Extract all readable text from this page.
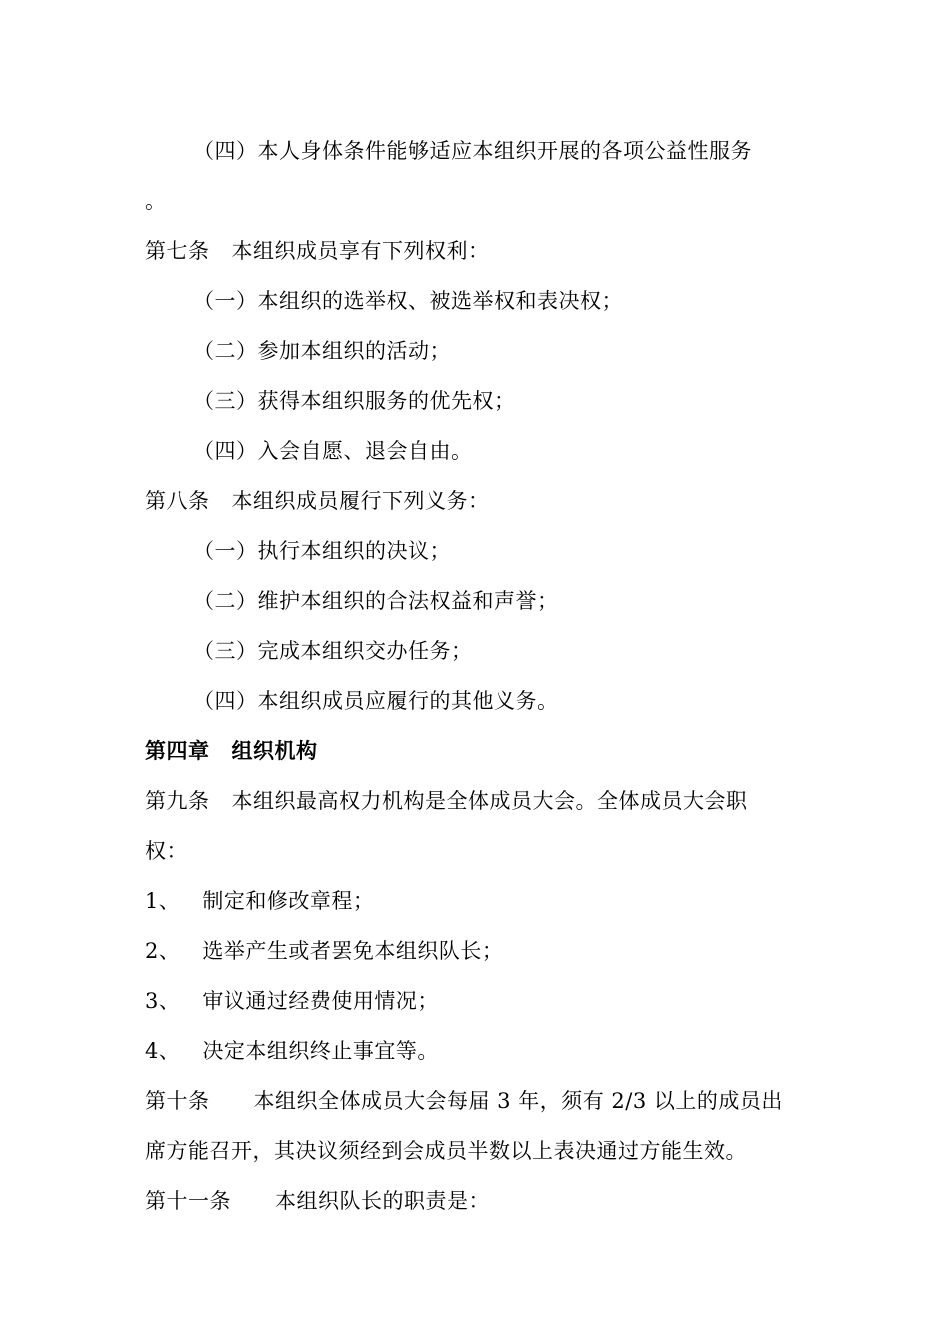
（四）本人身体条件能够适应本组织开展的各项公益性服务
。
第七条 本组织成员享有下列权利：
（一）本组织的选举权、被选举权和表决权；
（二）参加本组织的活动；
（三）获得本组织服务的优先权；
（四）入会自愿、退会自由。
第八条 本组织成员履行下列义务：
（一）执行本组织的决议；
（二）维护本组织的合法权益和声誉；
（三）完成本组织交办任务；
（四）本组织成员应履行的其他义务。
第四章 组织机构
第九条 本组织最高权力机构是全体成员大会。全体成员大会职
权：
1、 制定和修改章程；
2、 选举产生或者罢免本组织队长；
3、 审议通过经费使用情况；
4、 决定本组织终止事宜等。
第十条 本组织全体成员大会每届 3 年，须有 2/3 以上的成员出
席方能召开，其决议须经到会成员半数以上表决通过方能生效。
第十一条 本组织队长的职责是：
